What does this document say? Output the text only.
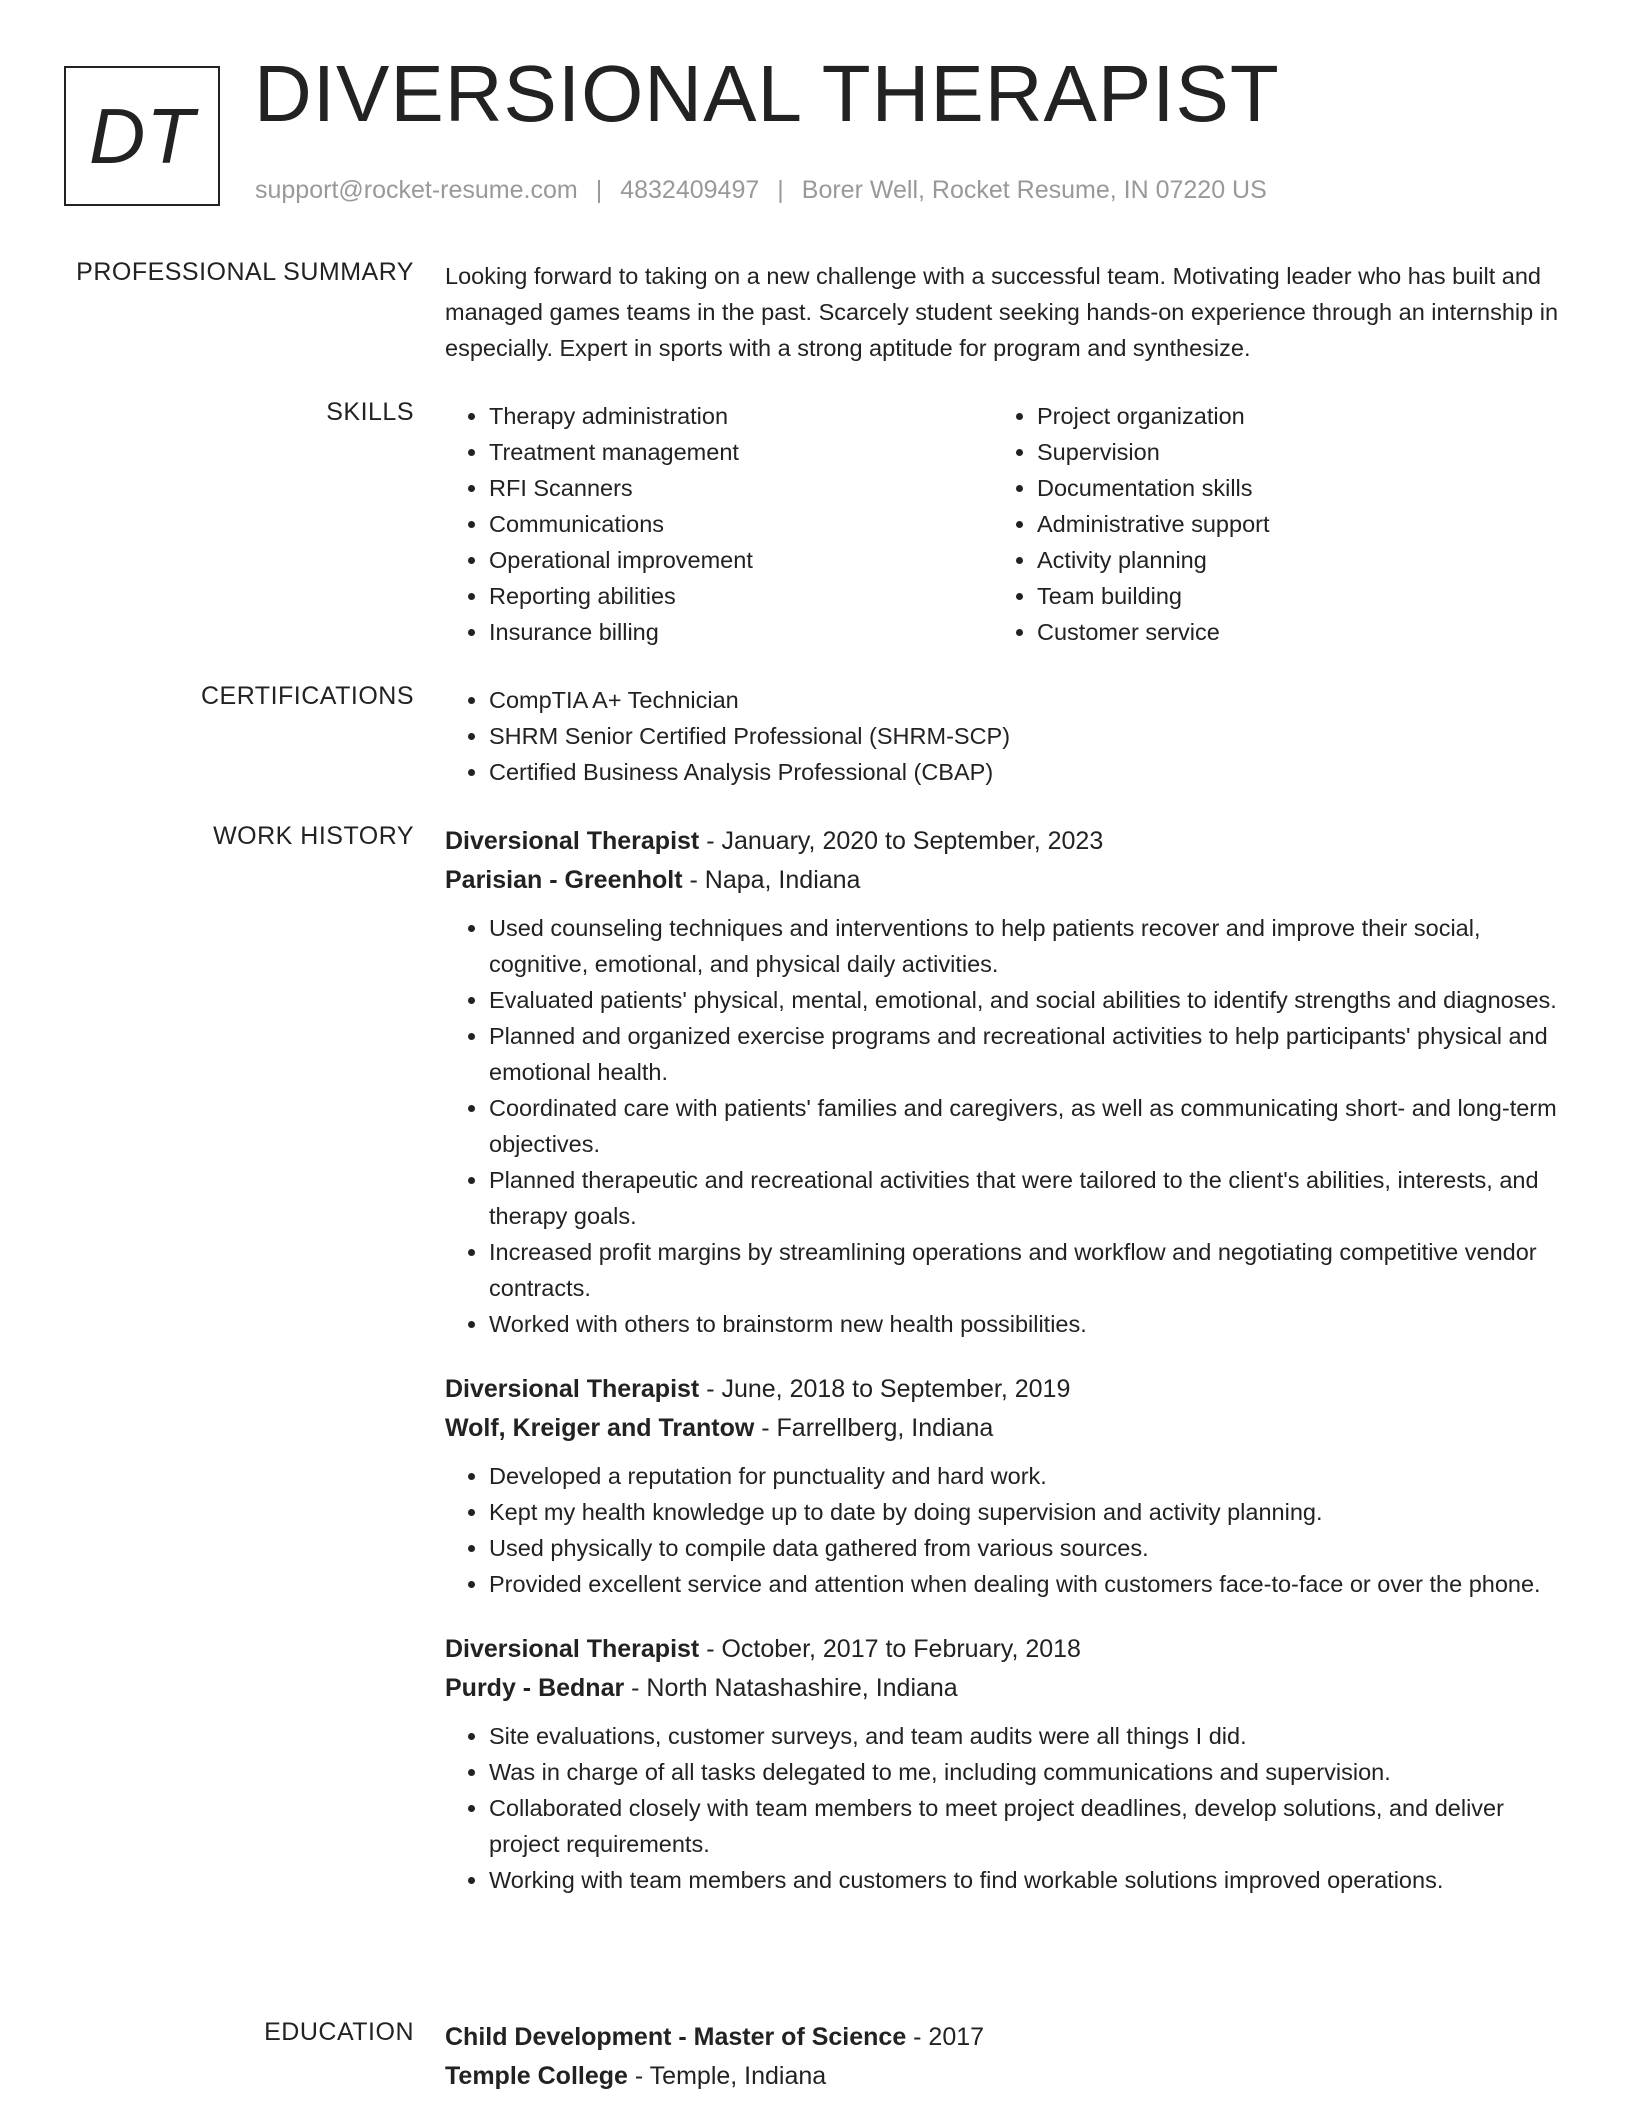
DT DIVERSIONAL THERAPIST
support@rocket-resume.com | 4832409497 | Borer Well, Rocket Resume, IN 07220 US
PROFESSIONAL SUMMARY Looking forward to taking on a new challenge with a successful team. Motivating leader who has built and managed games teams in the past. Scarcely student seeking hands-on experience through an internship in especially. Expert in sports with a strong aptitude for program and synthesize.
SKILLS	• Therapy administration
• Treatment management
• RFI Scanners
• Communications
• Operational improvement
• Reporting abilities
• Insurance billing
• Project organization
• Supervision
• Documentation skills
• Administrative support
• Activity planning
• Team building
• Customer service
CERTIFICATIONS	• CompTIA A+ Technician
• SHRM Senior Certified Professional (SHRM-SCP)
• Certified Business Analysis Professional (CBAP)
WORK HISTORY Diversional Therapist - January, 2020 to September, 2023
Parisian - Greenholt - Napa, Indiana
• Used counseling techniques and interventions to help patients recover and improve their social, cognitive, emotional, and physical daily activities.
• Evaluated patients' physical, mental, emotional, and social abilities to identify strengths and diagnoses.
• Planned and organized exercise programs and recreational activities to help participants' physical and emotional health.
• Coordinated care with patients' families and caregivers, as well as communicating short- and long-term objectives.
• Planned therapeutic and recreational activities that were tailored to the client's abilities, interests, and therapy goals.
• Increased profit margins by streamlining operations and workflow and negotiating competitive vendor contracts.
• Worked with others to brainstorm new health possibilities.
Diversional Therapist - June, 2018 to September, 2019
Wolf, Kreiger and Trantow - Farrellberg, Indiana
• Developed a reputation for punctuality and hard work.
• Kept my health knowledge up to date by doing supervision and activity planning.
• Used physically to compile data gathered from various sources.
• Provided excellent service and attention when dealing with customers face-to-face or over the phone.
Diversional Therapist - October, 2017 to February, 2018
Purdy - Bednar - North Natashashire, Indiana
• Site evaluations, customer surveys, and team audits were all things I did.
• Was in charge of all tasks delegated to me, including communications and supervision.
• Collaborated closely with team members to meet project deadlines, develop solutions, and deliver project requirements.
• Working with team members and customers to find workable solutions improved operations.
EDUCATION Child Development - Master of Science - 2017
Temple College - Temple, Indiana
